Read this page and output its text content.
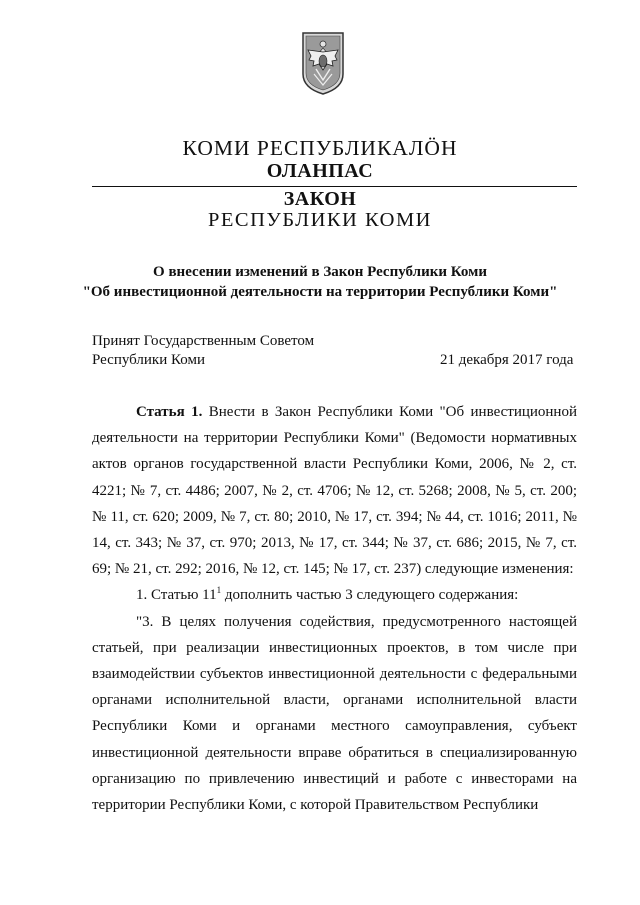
КОМИ РЕСПУБЛИКАЛÖН
ОЛАНПАС
ЗАКОН
РЕСПУБЛИКИ КОМИ
О внесении изменений в Закон Республики Коми
"Об инвестиционной деятельности на территории Республики Коми"
Принят Государственным Советом
Республики Коми	21 декабря 2017 года

Статья 1. Внести в Закон Республики Коми "Об инвестиционной деятельности на территории Республики Коми" (Ведомости нормативных актов органов государственной власти Республики Коми, 2006, № 2, ст. 4221; № 7, ст. 4486; 2007, № 2, ст. 4706; № 12, ст. 5268; 2008, № 5, ст. 200; № 11, ст. 620; 2009, № 7, ст. 80; 2010, № 17, ст. 394; № 44, ст. 1016; 2011, № 14, ст. 343; № 37, ст. 970; 2013, № 17, ст. 344; № 37, ст. 686; 2015, № 7, ст. 69; № 21, ст. 292; 2016, № 12, ст. 145; № 17, ст. 237) следующие изменения:

1. Статью $11^1$ дополнить частью 3 следующего содержания:

"3. В целях получения содействия, предусмотренного настоящей статьей, при реализации инвестиционных проектов, в том числе при взаимодействии субъектов инвестиционной деятельности с федеральными органами исполнительной власти, органами исполнительной власти Республики Коми и органами местного самоуправления, субъект инвестиционной деятельности вправе обратиться в специализированную организацию по привлечению инвестиций и работе с инвесторами на территории Республики Коми, с которой Правительством Республики
